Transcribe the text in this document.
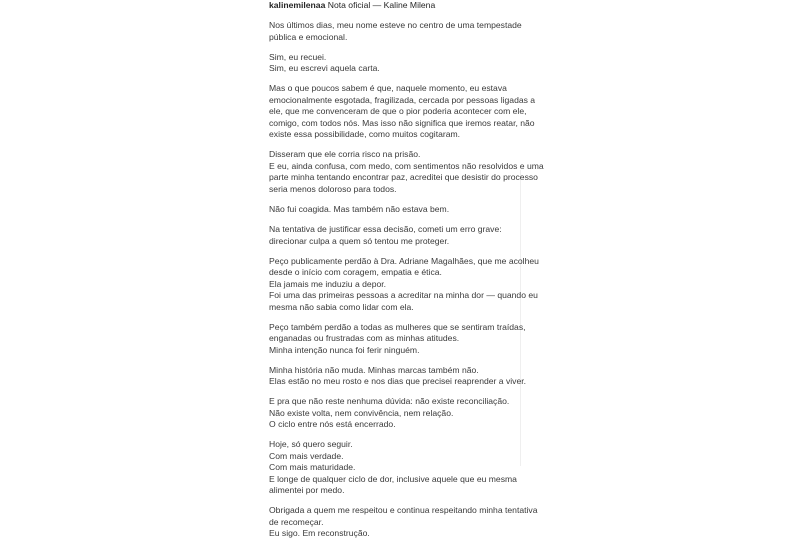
kalinemilenaa Nota oficial — Kaline Milena

Nos últimos dias, meu nome esteve no centro de uma tempestade
pública e emocional.

Sim, eu recuei.
Sim, eu escrevi aquela carta.

Mas o que poucos sabem é que, naquele momento, eu estava
emocionalmente esgotada, fragilizada, cercada por pessoas ligadas a
ele, que me convenceram de que o pior poderia acontecer com ele,
comigo, com todos nós. Mas isso não significa que iremos reatar, não
existe essa possibilidade, como muitos cogitaram.

Disseram que ele corria risco na prisão.
E eu, ainda confusa, com medo, com sentimentos não resolvidos e uma
parte minha tentando encontrar paz, acreditei que desistir do processo
seria menos doloroso para todos.

Não fui coagida. Mas também não estava bem.

Na tentativa de justificar essa decisão, cometi um erro grave:
direcionar culpa a quem só tentou me proteger.

Peço publicamente perdão à Dra. Adriane Magalhães, que me acolheu
desde o início com coragem, empatia e ética.
Ela jamais me induziu a depor.
Foi uma das primeiras pessoas a acreditar na minha dor — quando eu
mesma não sabia como lidar com ela.

Peço também perdão a todas as mulheres que se sentiram traídas,
enganadas ou frustradas com as minhas atitudes.
Minha intenção nunca foi ferir ninguém.

Minha história não muda. Minhas marcas também não.
Elas estão no meu rosto e nos dias que precisei reaprender a viver.

E pra que não reste nenhuma dúvida: não existe reconciliação.
Não existe volta, nem convivência, nem relação.
O ciclo entre nós está encerrado.

Hoje, só quero seguir.
Com mais verdade.
Com mais maturidade.
E longe de qualquer ciclo de dor, inclusive aquele que eu mesma
alimentei por medo.

Obrigada a quem me respeitou e continua respeitando minha tentativa
de recomeçar.
Eu sigo. Em reconstrução.
